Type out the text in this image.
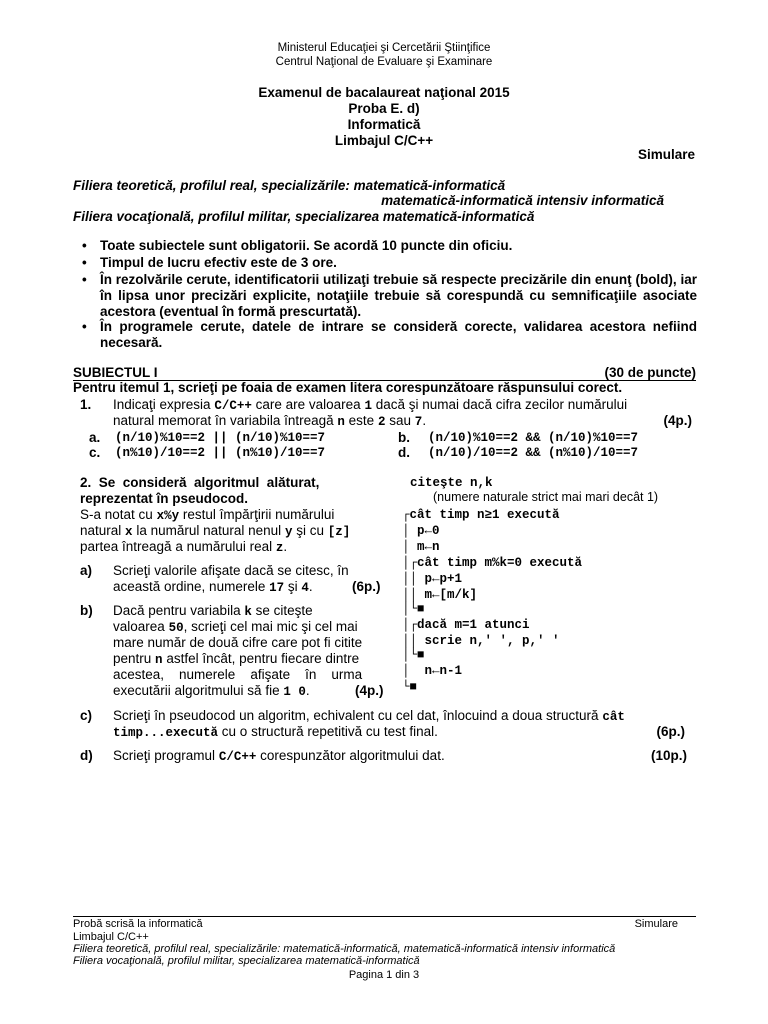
Ministerul Educaţiei şi Cercetării Ştiinţifice
Centrul Naţional de Evaluare şi Examinare
Examenul de bacalaureat naţional 2015
Proba E. d)
Informatică
Limbajul C/C++
Simulare
Filiera teoretică, profilul real, specializările: matematică-informatică
matematică-informatică intensiv informatică
Filiera vocaţională, profilul militar, specializarea matematică-informatică
• Toate subiectele sunt obligatorii. Se acordă 10 puncte din oficiu.
• Timpul de lucru efectiv este de 3 ore.
• În rezolvările cerute, identificatorii utilizaţi trebuie să respecte precizările din enunţ (bold), iar în lipsa unor precizări explicite, notaţiile trebuie să corespundă cu semnificaţiile asociate acestora (eventual în formă prescurtată).
• În programele cerute, datele de intrare se consideră corecte, validarea acestora nefiind necesară.
SUBIECTUL I	(30 de puncte)
Pentru itemul 1, scrieţi pe foaia de examen litera corespunzătoare răspunsului corect.
1. Indicaţi expresia C/C++ care are valoarea 1 dacă şi numai dacă cifra zecilor numărului
natural memorat în variabila întreagă n este 2 sau 7.	(4p.)
a. (n/10)%10==2 || (n/10)%10==7	b. (n/10)%10==2 && (n/10)%10==7
c. (n%10)/10==2 || (n%10)/10==7	d. (n/10)/10==2 && (n%10)/10==7
2.  Se  consideră  algoritmul  alăturat,
reprezentat în pseudocod.
S-a notat cu x%y restul împărţirii numărului
natural x la numărul natural nenul y şi cu [z]
partea întreagă a numărului real z.
a) Scrieţi valorile afişate dacă se citesc, în
această ordine, numerele 17 şi 4.	(6p.)
b) Dacă pentru variabila k se citeşte
valoarea 50, scrieţi cel mai mic şi cel mai
mare număr de două cifre care pot fi citite
pentru n astfel încât, pentru fiecare dintre
acestea,    numerele    afişate    în    urma
executării algoritmului să fie 1 0.	(4p.)
citeşte n,k
(numere naturale strict mai mari decât 1)
┌cât timp n≥1 execută
│ p←0
│ m←n
│┌cât timp m%k=0 execută
││ p←p+1
││ m←[m/k]
│└■
│┌dacă m=1 atunci
││ scrie n,' ', p,' '
│└■
│  n←n-1
└■
c) Scrieţi în pseudocod un algoritm, echivalent cu cel dat, înlocuind a doua structură cât
timp...execută cu o structură repetitivă cu test final.	(6p.)
d) Scrieţi programul C/C++ corespunzător algoritmului dat.	(10p.)
Probă scrisă la informatică	Simulare
Limbajul C/C++
Filiera teoretică, profilul real, specializările: matematică-informatică, matematică-informatică intensiv informatică
Filiera vocaţională, profilul militar, specializarea matematică-informatică
Pagina 1 din 3
